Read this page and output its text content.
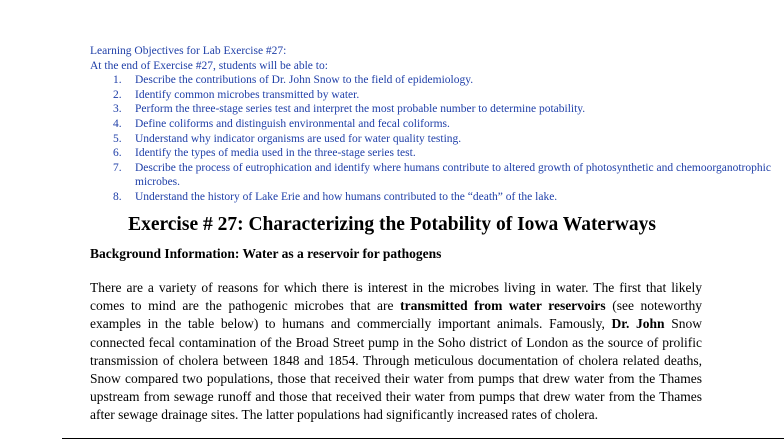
Learning Objectives for Lab Exercise #27:
At the end of Exercise #27, students will be able to:
1. Describe the contributions of Dr. John Snow to the field of epidemiology.
2. Identify common microbes transmitted by water.
3. Perform the three-stage series test and interpret the most probable number to determine potability.
4. Define coliforms and distinguish environmental and fecal coliforms.
5. Understand why indicator organisms are used for water quality testing.
6. Identify the types of media used in the three-stage series test.
7. Describe the process of eutrophication and identify where humans contribute to altered growth of photosynthetic and chemoorganotrophic microbes.
8. Understand the history of Lake Erie and how humans contributed to the “death” of the lake.
Exercise # 27: Characterizing the Potability of Iowa Waterways
Background Information: Water as a reservoir for pathogens

There are a variety of reasons for which there is interest in the microbes living in water. The first that likely comes to mind are the pathogenic microbes that are transmitted from water reservoirs (see noteworthy examples in the table below) to humans and commercially important animals. Famously, Dr. John Snow connected fecal contamination of the Broad Street pump in the Soho district of London as the source of prolific transmission of cholera between 1848 and 1854. Through meticulous documentation of cholera related deaths, Snow compared two populations, those that received their water from pumps that drew water from the Thames upstream from sewage runoff and those that received their water from pumps that drew water from the Thames after sewage drainage sites. The latter populations had significantly increased rates of cholera.
